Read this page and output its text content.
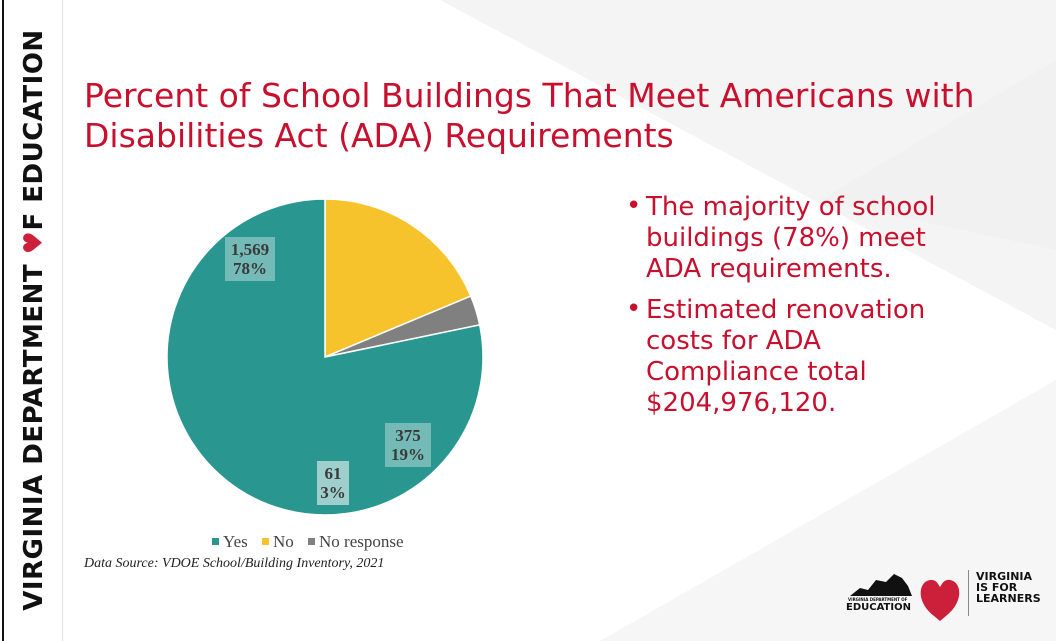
VIRGINIA DEPARTMENT ♥F EDUCATION Percent of School Buildings That Meet Americans with Disabilities Act (ADA) Requirements
1,569 78%
375 19%
61 3%
Yes No No response
Data Source: VDOE School/Building Inventory, 2021
• The majority of school buildings (78%) meet ADA requirements.
• Estimated renovation costs for ADA Compliance total $204,976,120.
VIRGINIA DEPARTMENT OF
EDUCATION
VIRGINIA
IS FOR
LEARNERS
